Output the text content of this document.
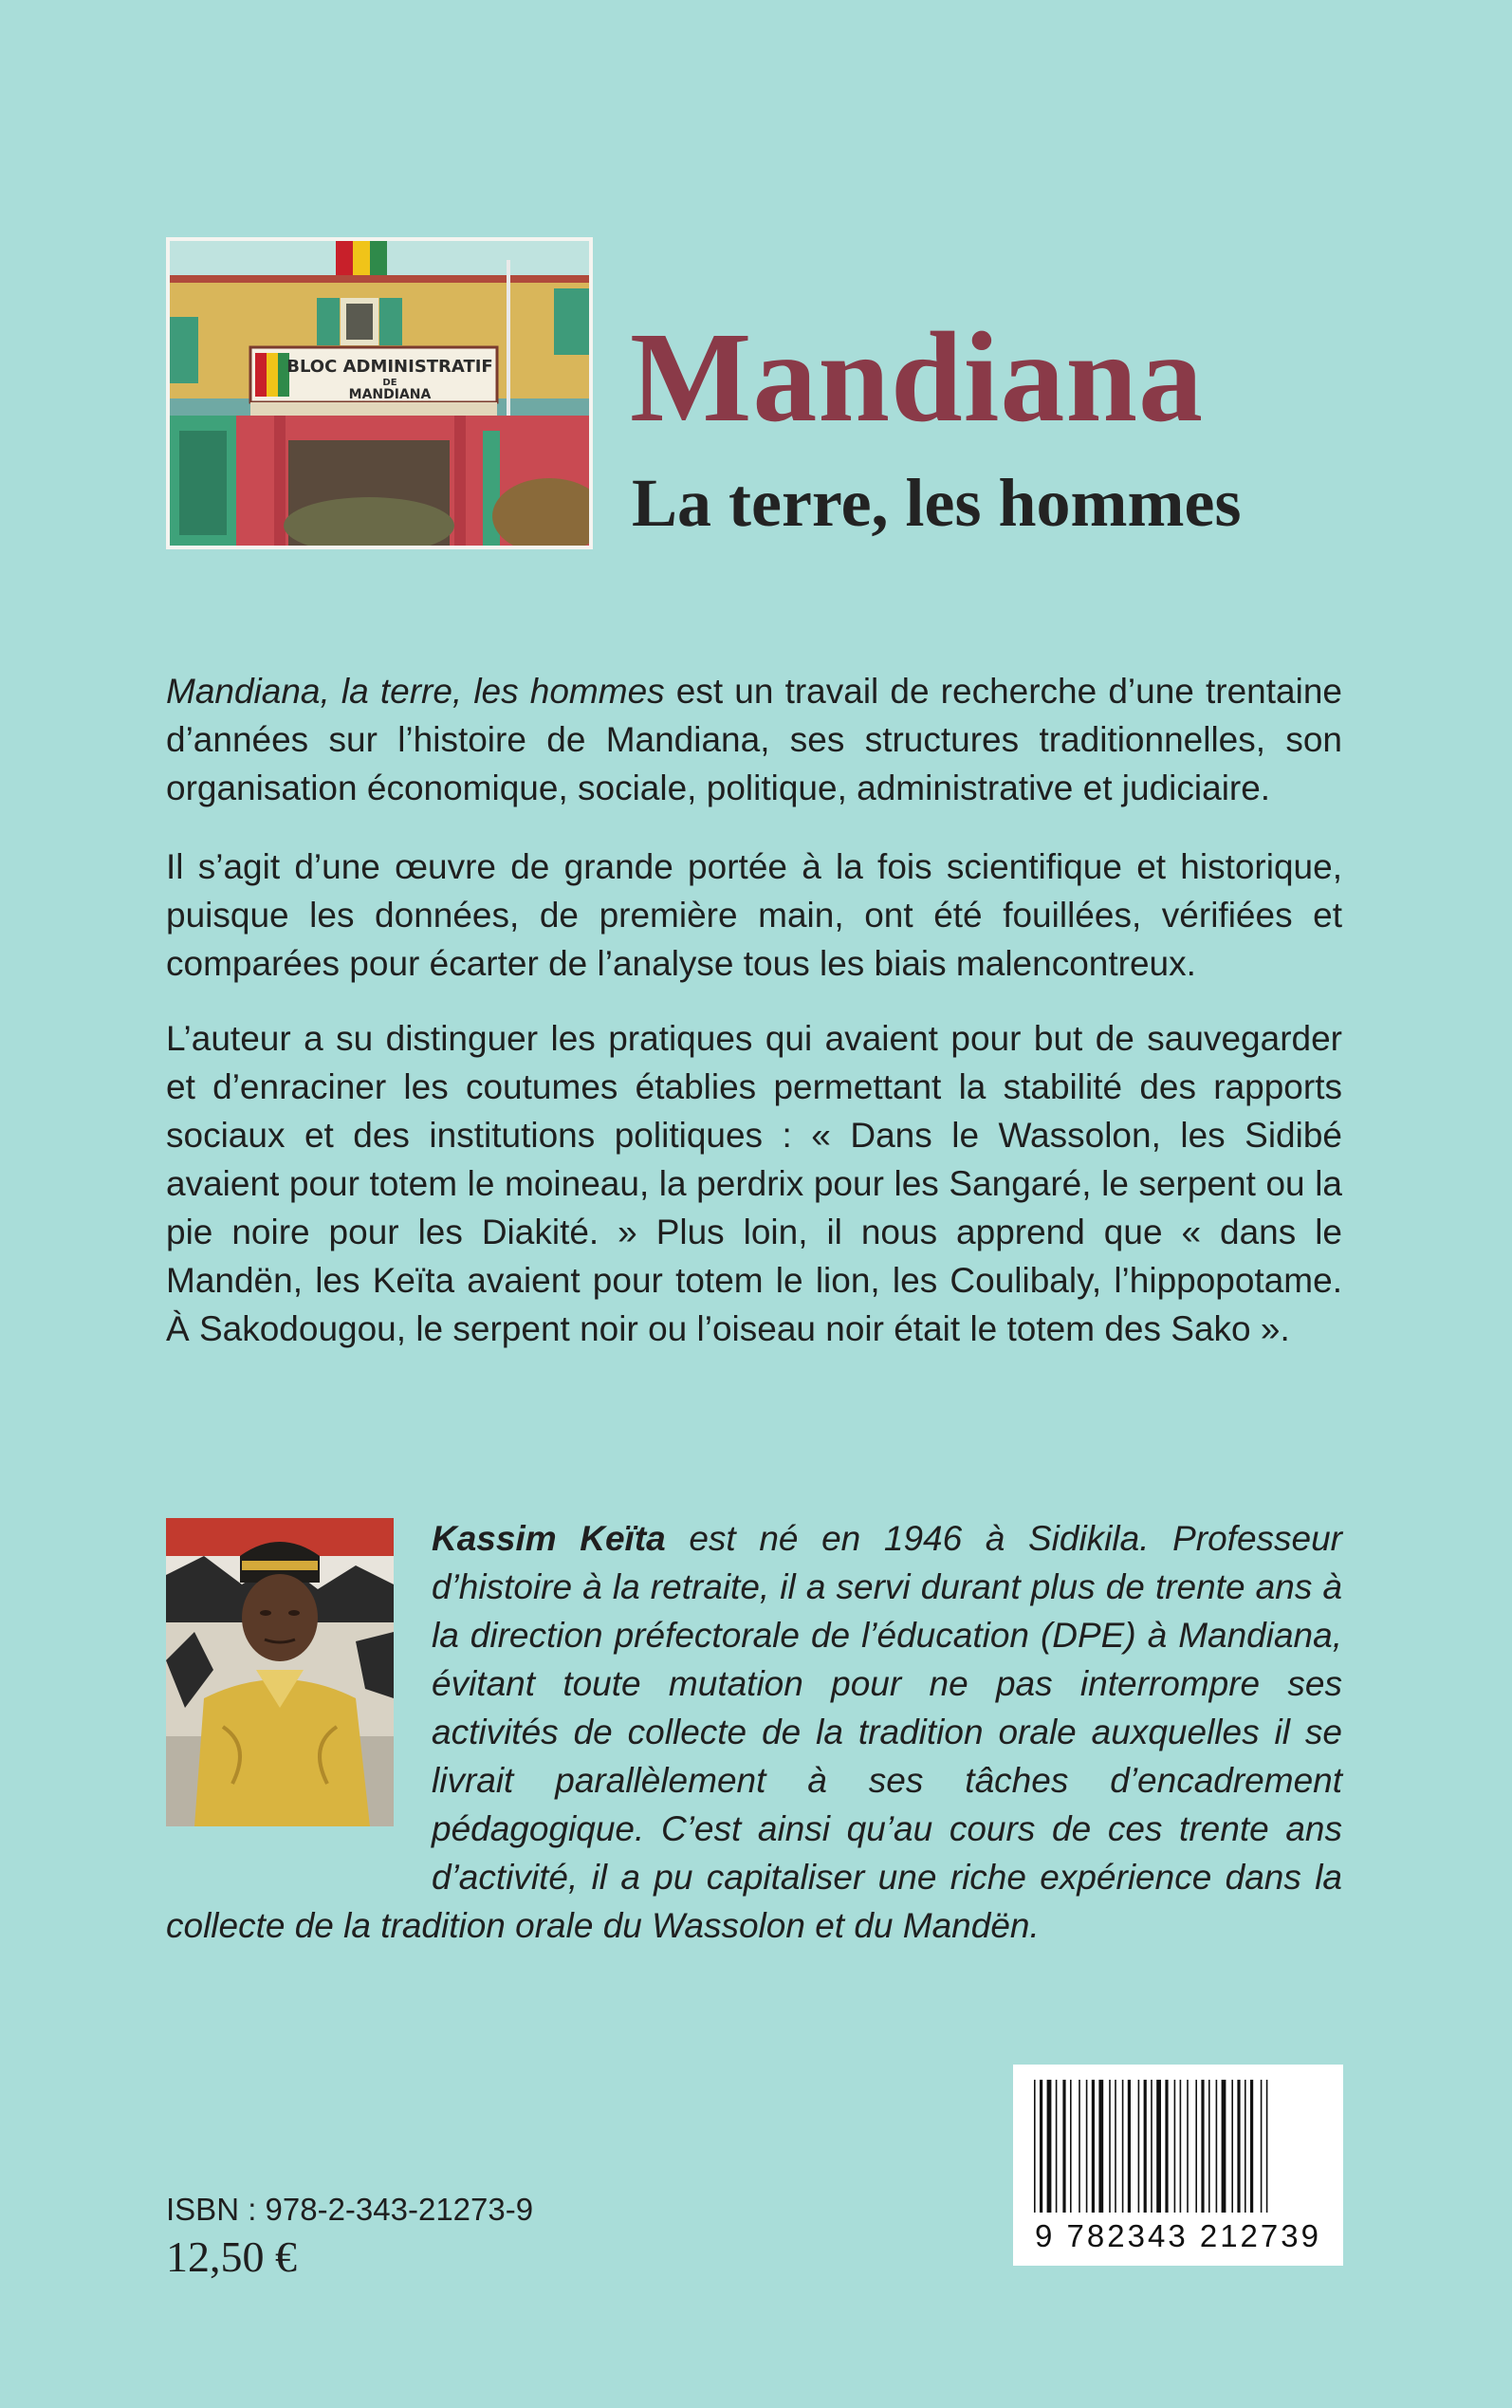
BLOC ADMINISTRATIF
DE
MANDIANA Mandiana
La terre, les hommes

Mandiana, la terre, les hommes est un travail de recherche d’une trentaine d’années sur l’histoire de Mandiana, ses structures traditionnelles, son organisation économique, sociale, politique, administrative et judiciaire.

Il s’agit d’une œuvre de grande portée à la fois scientifique et historique, puisque les données, de première main, ont été fouillées, vérifiées et comparées pour écarter de l’analyse tous les biais malencontreux.

L’auteur a su distinguer les pratiques qui avaient pour but de sauvegarder et d’enraciner les coutumes établies permettant la stabilité des rapports sociaux et des institutions politiques : « Dans le Wassolon, les Sidibé avaient pour totem le moineau, la perdrix pour les Sangaré, le serpent ou la pie noire pour les Diakité. » Plus loin, il nous apprend que « dans le Mandën, les Keïta avaient pour totem le lion, les Coulibaly, l’hippopotame. À Sakodougou, le serpent noir ou l’oiseau noir était le totem des Sako ».

Kassim Keïta est né en 1946 à Sidikila. Professeur d’histoire à la retraite, il a servi durant plus de trente ans à la direction préfectorale de l’éducation (DPE) à Mandiana, évitant toute mutation pour ne pas interrompre ses activités de collecte de la tradition orale auxquelles il se livrait parallèlement à ses tâches d’encadrement pédagogique. C’est ainsi qu’au cours de ces trente ans d’activité, il a pu capitaliser une riche expérience dans la collecte de la tradition orale du Wassolon et du Mandën.

9 782343 212739

ISBN : 978-2-343-21273-9

12,50 €
